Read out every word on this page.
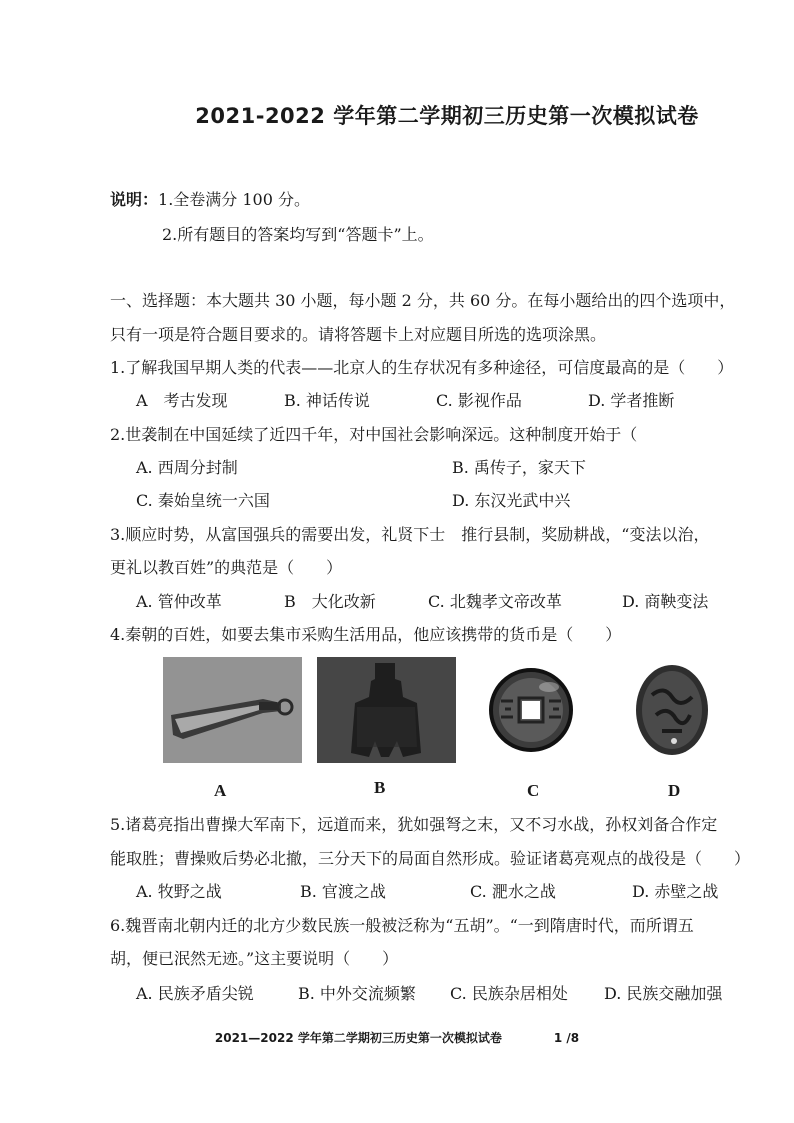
2021-2022 学年第二学期初三历史第一次模拟试卷
说明：1.全卷满分 100 分。
2.所有题目的答案均写到“答题卡”上。
一、选择题：本大题共 30 小题，每小题 2 分，共 60 分。在每小题给出的四个选项中，
只有一项是符合题目要求的。请将答题卡上对应题目所选的选项涂黑。
1.了解我国早期人类的代表——北京人的生存状况有多种途径，可信度最高的是（　　）
A　考古发现	B. 神话传说	C. 影视作品	D. 学者推断
2.世袭制在中国延续了近四千年，对中国社会影响深远。这种制度开始于（
A. 西周分封制	B. 禹传子，家天下
C. 秦始皇统一六国	D. 东汉光武中兴
3.顺应时势，从富国强兵的需要出发，礼贤下士　推行县制，奖励耕战，“变法以治，
更礼以教百姓”的典范是（　　）
A. 管仲改革	B　大化改新	C. 北魏孝文帝改革	D. 商鞅变法
4.秦朝的百姓，如要去集市采购生活用品，他应该携带的货币是（　　）
A	B	C	D
5.诸葛亮指出曹操大军南下，远道而来，犹如强弩之末，又不习水战，孙权刘备合作定
能取胜；曹操败后势必北撤，三分天下的局面自然形成。验证诸葛亮观点的战役是（　　）
A. 牧野之战	B. 官渡之战	C. 淝水之战	D. 赤壁之战
6.魏晋南北朝内迁的北方少数民族一般被泛称为“五胡”。“一到隋唐时代，而所谓五
胡，便已泯然无迹。”这主要说明（　　）
A. 民族矛盾尖锐	B. 中外交流频繁 C. 民族杂居相处 D. 民族交融加强
2021—2022 学年第二学期初三历史第一次模拟试卷	1 /8
